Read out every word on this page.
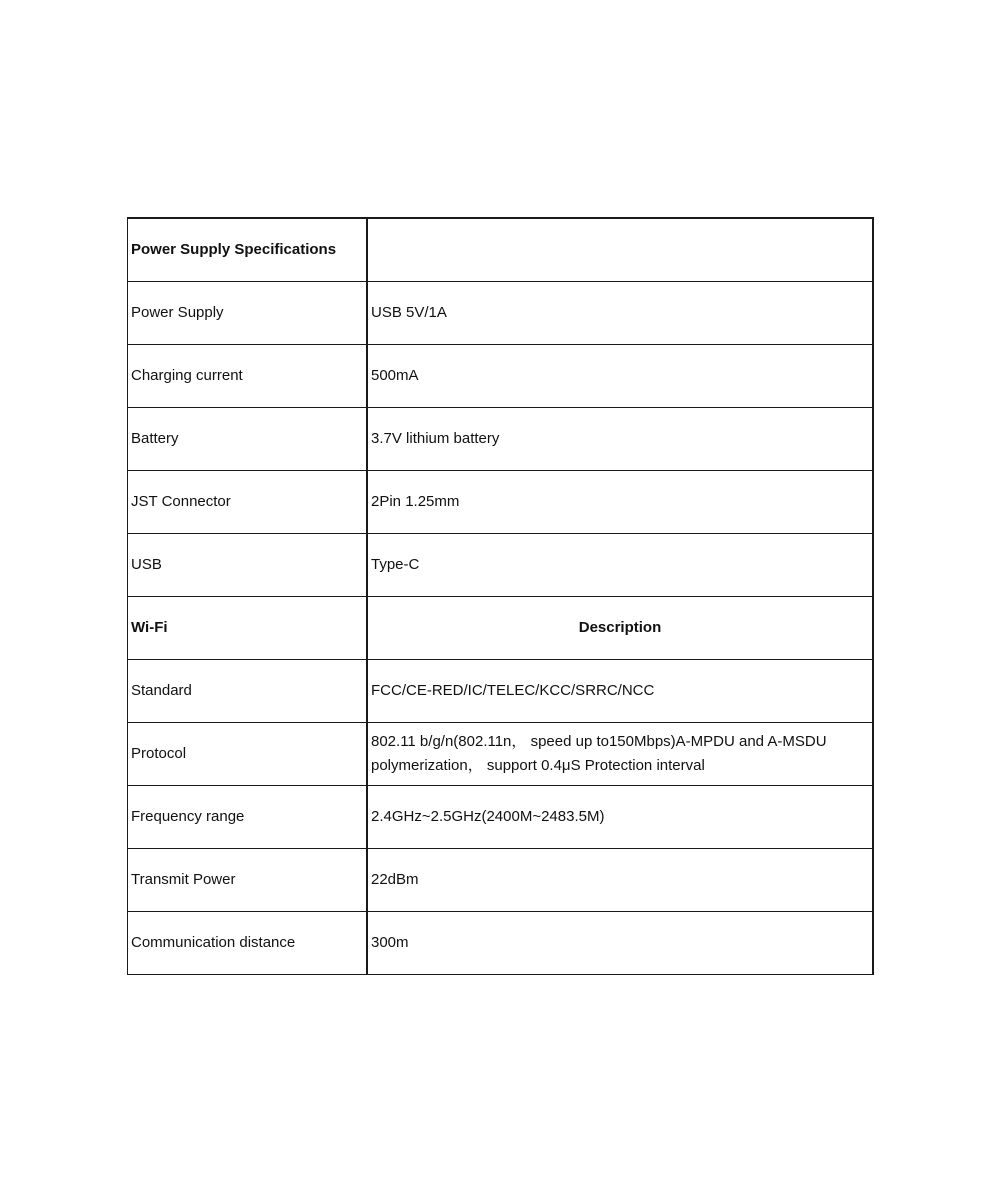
Power Supply Specifications	
Power Supply	USB 5V/1A
Charging current	500mA
Battery	3.7V lithium battery
JST Connector	2Pin 1.25mm
USB	Type-C
Wi-Fi	Description
Standard	FCC/CE-RED/IC/TELEC/KCC/SRRC/NCC
Protocol	802.11 b/g/n(802.11n， speed up to150Mbps)A-MPDU and A-MSDU polymerization， support 0.4μS Protection interval
Frequency range	2.4GHz~2.5GHz(2400M~2483.5M)
Transmit Power	22dBm
Communication distance	300m
